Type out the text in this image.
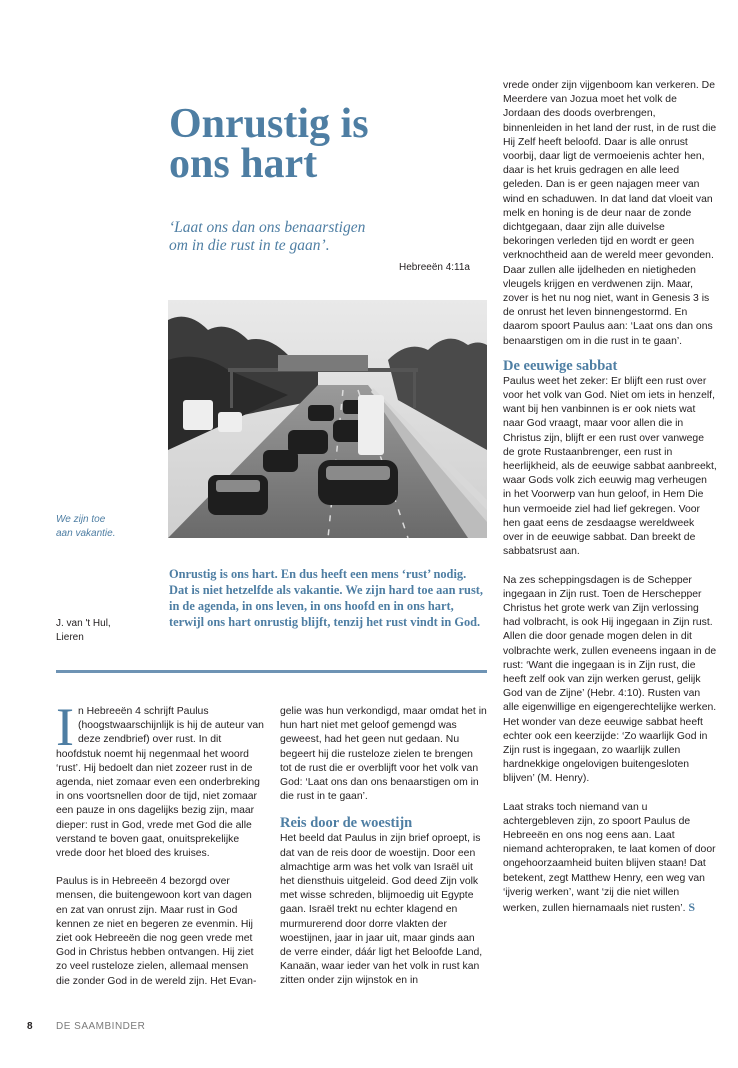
Onrustig is
ons hart
‘Laat ons dan ons benaarstigen
om in die rust in te gaan’.
Hebreeën 4:11a
We zijn toe
aan vakantie.
Onrustig is ons hart. En dus heeft een mens ‘rust’ nodig. Dat is niet hetzelfde als vakantie. We zijn hard toe aan rust, in de agenda, in ons leven, in ons hoofd en in ons hart, terwijl ons hart onrustig blijft, tenzij het rust vindt in God.
J. van 't Hul,
Lieren

In Hebreeën 4 schrijft Paulus (hoogstwaarschijnlijk is hij de auteur van deze zendbrief) over rust. In dit hoofdstuk noemt hij negenmaal het woord ‘rust’. Hij bedoelt dan niet zozeer rust in de agenda, niet zomaar even een onderbreking in ons voortsnellen door de tijd, niet zomaar een pauze in ons dagelijks bezig zijn, maar dieper: rust in God, vrede met God die alle verstand te boven gaat, onuitsprekelijke vrede door het bloed des kruises.

Paulus is in Hebreeën 4 bezorgd over mensen, die buitengewoon kort van dagen en zat van onrust zijn. Maar rust in God kennen ze niet en begeren ze evenmin. Hij ziet ook Hebreeën die nog geen vrede met God in Christus hebben ontvangen. Hij ziet zo veel rusteloze zielen, allemaal mensen die zonder God in de wereld zijn. Het Evan-

gelie was hun verkondigd, maar omdat het in hun hart niet met geloof gemengd was geweest, had het geen nut gedaan. Nu begeert hij die rusteloze zielen te brengen tot de rust die er overblijft voor het volk van God: ‘Laat ons dan ons benaarstigen om in die rust in te gaan’.

Reis door de woestijn

Het beeld dat Paulus in zijn brief oproept, is dat van de reis door de woestijn. Door een almachtige arm was het volk van Israël uit het diensthuis uitgeleid. God deed Zijn volk met wisse schreden, blijmoedig uit Egypte gaan. Israël trekt nu echter klagend en murmurerend door dorre vlakten der woestijnen, jaar in jaar uit, maar ginds aan de verre einder, dáár ligt het Beloofde Land, Kanaän, waar ieder van het volk in rust kan zitten onder zijn wijnstok en in

vrede onder zijn vijgenboom kan verkeren. De Meerdere van Jozua moet het volk de Jordaan des doods overbrengen, binnenleiden in het land der rust, in de rust die Hij Zelf heeft beloofd. Daar is alle onrust voorbij, daar ligt de vermoeienis achter hen, daar is het kruis gedragen en alle leed geleden. Dan is er geen najagen meer van wind en schaduwen. In dat land dat vloeit van melk en honing is de deur naar de zonde dichtgegaan, daar zijn alle duivelse bekoringen verleden tijd en wordt er geen verknochtheid aan de wereld meer gevonden. Daar zullen alle ijdelheden en nietigheden vleugels krijgen en verdwenen zijn. Maar, zover is het nu nog niet, want in Genesis 3 is de onrust het leven binnengestormd. En daarom spoort Paulus aan: ‘Laat ons dan ons benaarstigen om in die rust in te gaan’.

De eeuwige sabbat

Paulus weet het zeker: Er blijft een rust over voor het volk van God. Niet om iets in henzelf, want bij hen vanbinnen is er ook niets wat naar God vraagt, maar voor allen die in Christus zijn, blijft er een rust over vanwege de grote Rustaanbrenger, een rust in heerlijkheid, als de eeuwige sabbat aanbreekt, waar Gods volk zich eeuwig mag verheugen in het Voorwerp van hun geloof, in Hem Die hun vermoeide ziel had lief gekregen. Voor hen gaat eens de zesdaagse wereldweek over in de eeuwige sabbat. Dan breekt de sabbatsrust aan.

Na zes scheppingsdagen is de Schepper ingegaan in Zijn rust. Toen de Herschepper Christus het grote werk van Zijn verlossing had volbracht, is ook Hij ingegaan in Zijn rust. Allen die door genade mogen delen in dit volbrachte werk, zullen eveneens ingaan in de rust: ‘Want die ingegaan is in Zijn rust, die heeft zelf ook van zijn werken gerust, gelijk God van de Zijne’ (Hebr. 4:10). Rusten van alle eigenwillige en eigengerechtelijke werken.

Het wonder van deze eeuwige sabbat heeft echter ook een keerzijde: ‘Zo waarlijk God in Zijn rust is ingegaan, zo waarlijk zullen hardnekkige ongelovigen buitengesloten blijven’ (M. Henry).

Laat straks toch niemand van u achtergebleven zijn, zo spoort Paulus de Hebreeën en ons nog eens aan. Laat niemand achteropraken, te laat komen of door ongehoorzaamheid buiten blijven staan! Dat betekent, zegt Matthew Henry, een weg van ‘ijverig werken’, want ‘zij die niet willen werken, zullen hiernamaals niet rusten’. S

8 DE SAAMBINDER
